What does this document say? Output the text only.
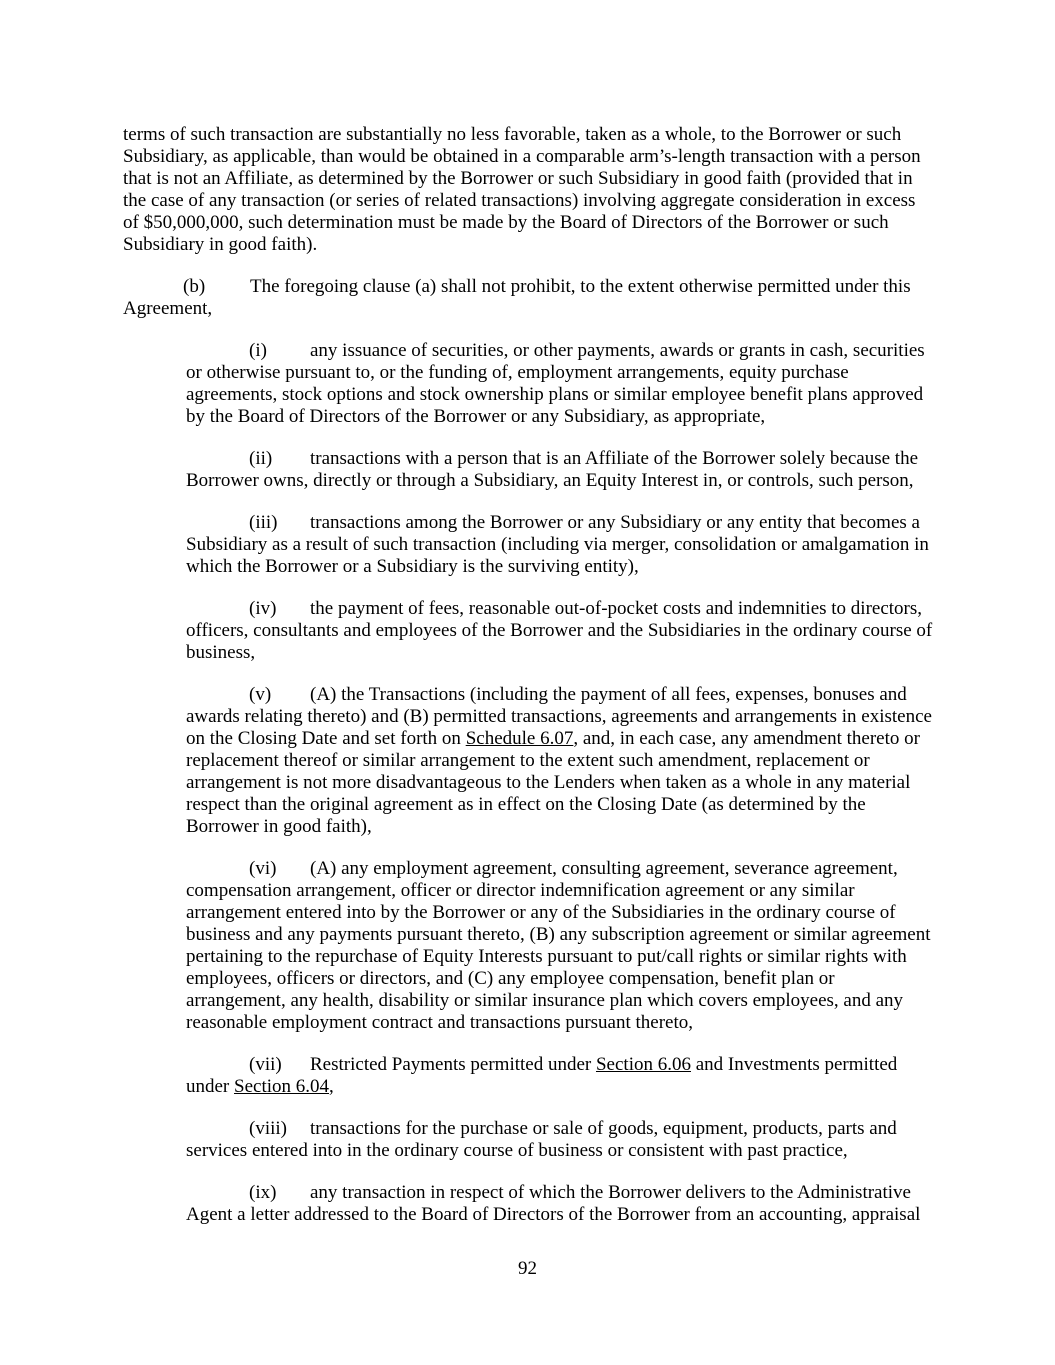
terms of such transaction are substantially no less favorable, taken as a whole, to the Borrower or such Subsidiary, as applicable, than would be obtained in a comparable arm’s-length transaction with a person that is not an Affiliate, as determined by the Borrower or such Subsidiary in good faith (provided that in the case of any transaction (or series of related transactions) involving aggregate consideration in excess of $50,000,000, such determination must be made by the Board of Directors of the Borrower or such Subsidiary in good faith).

(b) The foregoing clause (a) shall not prohibit, to the extent otherwise permitted under this Agreement,

(i) any issuance of securities, or other payments, awards or grants in cash, securities or otherwise pursuant to, or the funding of, employment arrangements, equity purchase agreements, stock options and stock ownership plans or similar employee benefit plans approved by the Board of Directors of the Borrower or any Subsidiary, as appropriate,

(ii) transactions with a person that is an Affiliate of the Borrower solely because the Borrower owns, directly or through a Subsidiary, an Equity Interest in, or controls, such person,

(iii) transactions among the Borrower or any Subsidiary or any entity that becomes a Subsidiary as a result of such transaction (including via merger, consolidation or amalgamation in which the Borrower or a Subsidiary is the surviving entity),

(iv) the payment of fees, reasonable out-of-pocket costs and indemnities to directors, officers, consultants and employees of the Borrower and the Subsidiaries in the ordinary course of business,

(v) (A) the Transactions (including the payment of all fees, expenses, bonuses and awards relating thereto) and (B) permitted transactions, agreements and arrangements in existence on the Closing Date and set forth on Schedule 6.07, and, in each case, any amendment thereto or replacement thereof or similar arrangement to the extent such amendment, replacement or arrangement is not more disadvantageous to the Lenders when taken as a whole in any material respect than the original agreement as in effect on the Closing Date (as determined by the Borrower in good faith),

(vi) (A) any employment agreement, consulting agreement, severance agreement, compensation arrangement, officer or director indemnification agreement or any similar arrangement entered into by the Borrower or any of the Subsidiaries in the ordinary course of business and any payments pursuant thereto, (B) any subscription agreement or similar agreement pertaining to the repurchase of Equity Interests pursuant to put/call rights or similar rights with employees, officers or directors, and (C) any employee compensation, benefit plan or arrangement, any health, disability or similar insurance plan which covers employees, and any reasonable employment contract and transactions pursuant thereto,

(vii) Restricted Payments permitted under Section 6.06 and Investments permitted under Section 6.04,

(viii) transactions for the purchase or sale of goods, equipment, products, parts and services entered into in the ordinary course of business or consistent with past practice,

(ix) any transaction in respect of which the Borrower delivers to the Administrative Agent a letter addressed to the Board of Directors of the Borrower from an accounting, appraisal

92
